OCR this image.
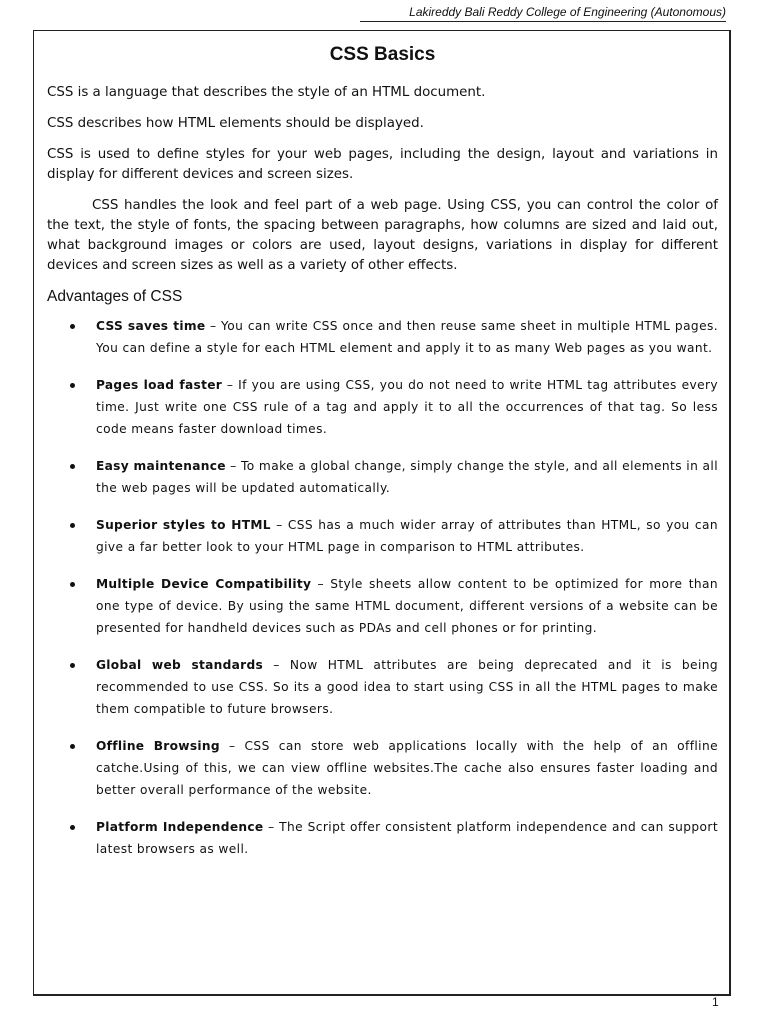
Lakireddy Bali Reddy College of Engineering (Autonomous)
CSS Basics

CSS is a language that describes the style of an HTML document.

CSS describes how HTML elements should be displayed.

CSS is used to define styles for your web pages, including the design, layout and variations in display for different devices and screen sizes.

CSS handles the look and feel part of a web page. Using CSS, you can control the color of the text, the style of fonts, the spacing between paragraphs, how columns are sized and laid out, what background images or colors are used, layout designs, variations in display for different devices and screen sizes as well as a variety of other effects.

Advantages of CSS
CSS saves time – You can write CSS once and then reuse same sheet in multiple HTML pages. You can define a style for each HTML element and apply it to as many Web pages as you want.
Pages load faster – If you are using CSS, you do not need to write HTML tag attributes every time. Just write one CSS rule of a tag and apply it to all the occurrences of that tag. So less code means faster download times.
Easy maintenance – To make a global change, simply change the style, and all elements in all the web pages will be updated automatically.
Superior styles to HTML – CSS has a much wider array of attributes than HTML, so you can give a far better look to your HTML page in comparison to HTML attributes.
Multiple Device Compatibility – Style sheets allow content to be optimized for more than one type of device. By using the same HTML document, different versions of a website can be presented for handheld devices such as PDAs and cell phones or for printing.
Global web standards – Now HTML attributes are being deprecated and it is being recommended to use CSS. So its a good idea to start using CSS in all the HTML pages to make them compatible to future browsers.
Offline Browsing – CSS can store web applications locally with the help of an offline catche.Using of this, we can view offline websites.The cache also ensures faster loading and better overall performance of the website.
Platform Independence – The Script offer consistent platform independence and can support latest browsers as well.
1
